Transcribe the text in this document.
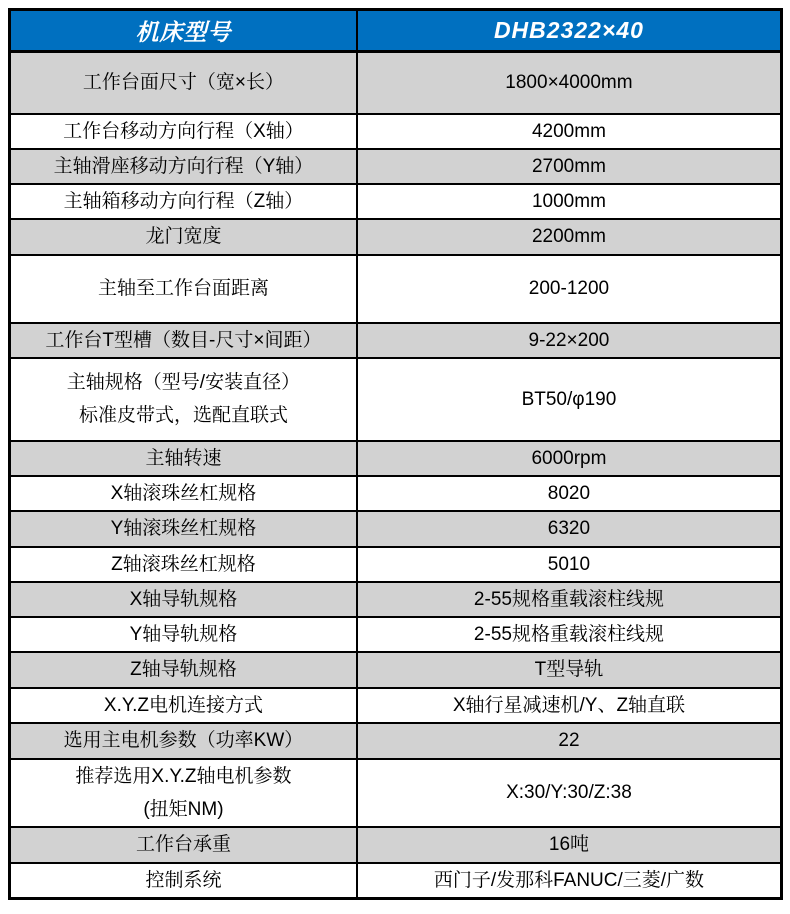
机床型号	DHB2322×40
工作台面尺寸（宽×长）	1800×4000mm
工作台移动方向行程（X轴）	4200mm
主轴滑座移动方向行程（Y轴）	2700mm
主轴箱移动方向行程（Z轴）	1000mm
龙门宽度	2200mm
主轴至工作台面距离	200-1200
工作台T型槽（数目-尺寸×间距）	9-22×200
主轴规格（型号/安装直径）
标准皮带式，选配直联式	BT50/φ190
主轴转速	6000rpm
X轴滚珠丝杠规格	8020
Y轴滚珠丝杠规格	6320
Z轴滚珠丝杠规格	5010
X轴导轨规格	2-55规格重载滚柱线规
Y轴导轨规格	2-55规格重载滚柱线规
Z轴导轨规格	T型导轨
X.Y.Z电机连接方式	X轴行星减速机/Y、Z轴直联
选用主电机参数（功率KW）	22
推荐选用X.Y.Z轴电机参数
(扭矩NM)	X:30/Y:30/Z:38
工作台承重	16吨
控制系统	西门子/发那科FANUC/三菱/广数
